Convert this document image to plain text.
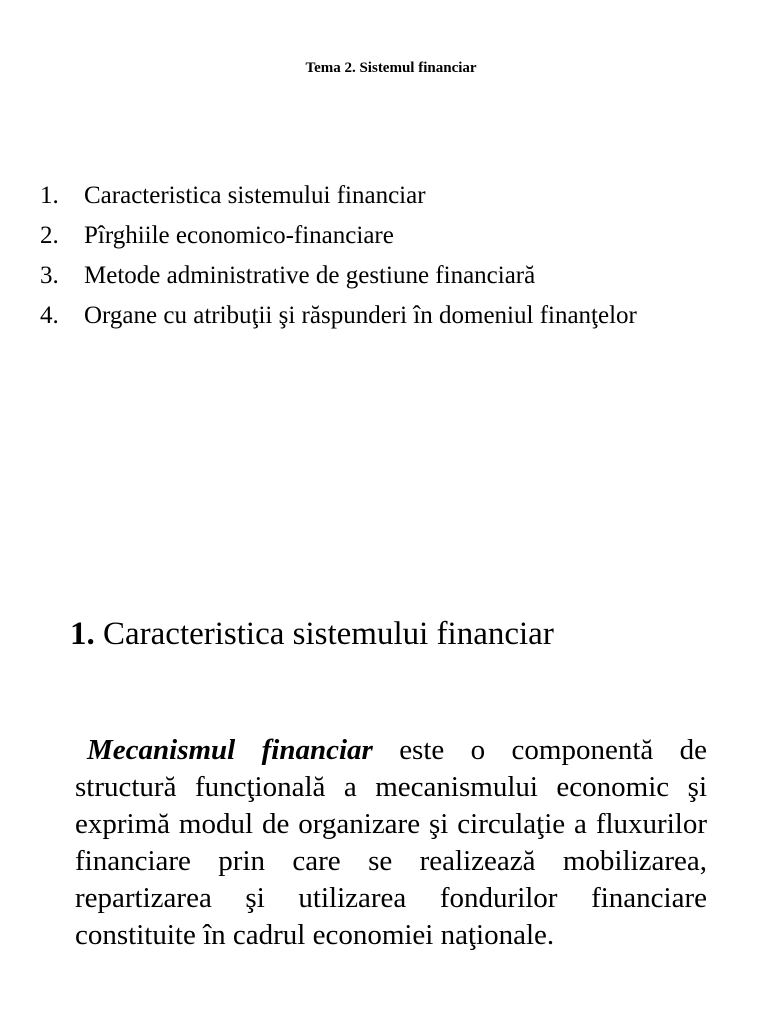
Tema 2. Sistemul financiar
1. Caracteristica sistemului financiar
2. Pîrghiile economico-financiare
3. Metode administrative de gestiune financiară
4. Organe cu atribuţii şi răspunderi în domeniul finanţelor
1. Caracteristica sistemului financiar

Mecanismul financiar este o componentă de structură funcţională a mecanismului economic şi exprimă modul de organizare şi circulaţie a fluxurilor financiare prin care se realizează mobilizarea, repartizarea şi utilizarea fondurilor financiare constituite în cadrul economiei naţionale.
